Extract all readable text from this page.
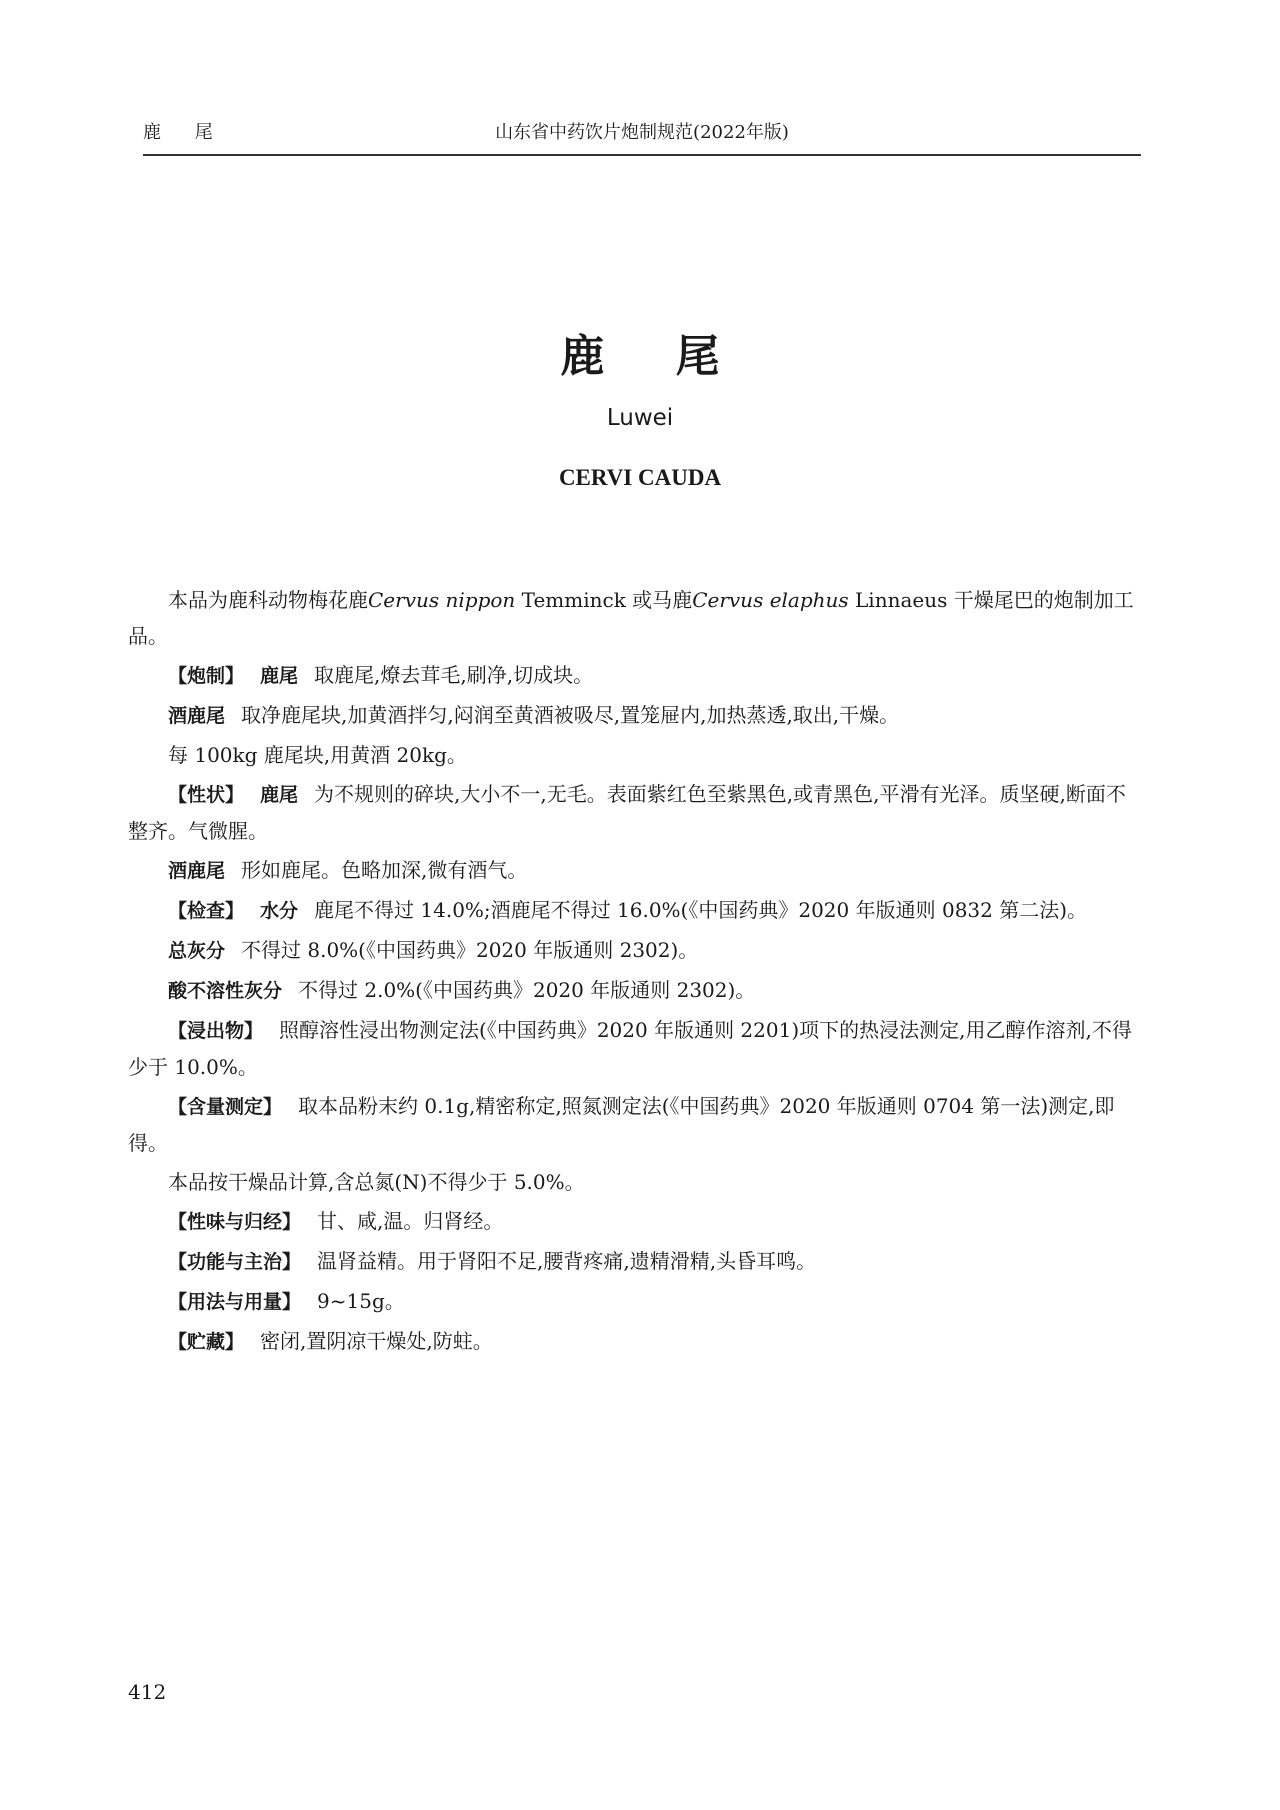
鹿 尾	山东省中药饮片炮制规范(2022年版)
鹿 尾
Luwei
CERVI CAUDA

本品为鹿科动物梅花鹿Cervus nippon Temminck 或马鹿Cervus elaphus Linnaeus 干燥尾巴的炮制加工品。

【炮制】 鹿尾 取鹿尾,燎去茸毛,刷净,切成块。

酒鹿尾 取净鹿尾块,加黄酒拌匀,闷润至黄酒被吸尽,置笼屉内,加热蒸透,取出,干燥。

每 100kg 鹿尾块,用黄酒 20kg。

【性状】 鹿尾 为不规则的碎块,大小不一,无毛。表面紫红色至紫黑色,或青黑色,平滑有光泽。质坚硬,断面不整齐。气微腥。

酒鹿尾 形如鹿尾。色略加深,微有酒气。

【检查】 水分 鹿尾不得过 14.0%;酒鹿尾不得过 16.0%(《中国药典》2020 年版通则 0832 第二法)。

总灰分 不得过 8.0%(《中国药典》2020 年版通则 2302)。

酸不溶性灰分 不得过 2.0%(《中国药典》2020 年版通则 2302)。

【浸出物】 照醇溶性浸出物测定法(《中国药典》2020 年版通则 2201)项下的热浸法测定,用乙醇作溶剂,不得少于 10.0%。

【含量测定】 取本品粉末约 0.1g,精密称定,照氮测定法(《中国药典》2020 年版通则 0704 第一法)测定,即得。

本品按干燥品计算,含总氮(N)不得少于 5.0%。

【性味与归经】 甘、咸,温。归肾经。

【功能与主治】 温肾益精。用于肾阳不足,腰背疼痛,遗精滑精,头昏耳鸣。

【用法与用量】 9~15g。

【贮藏】 密闭,置阴凉干燥处,防蛀。

412
